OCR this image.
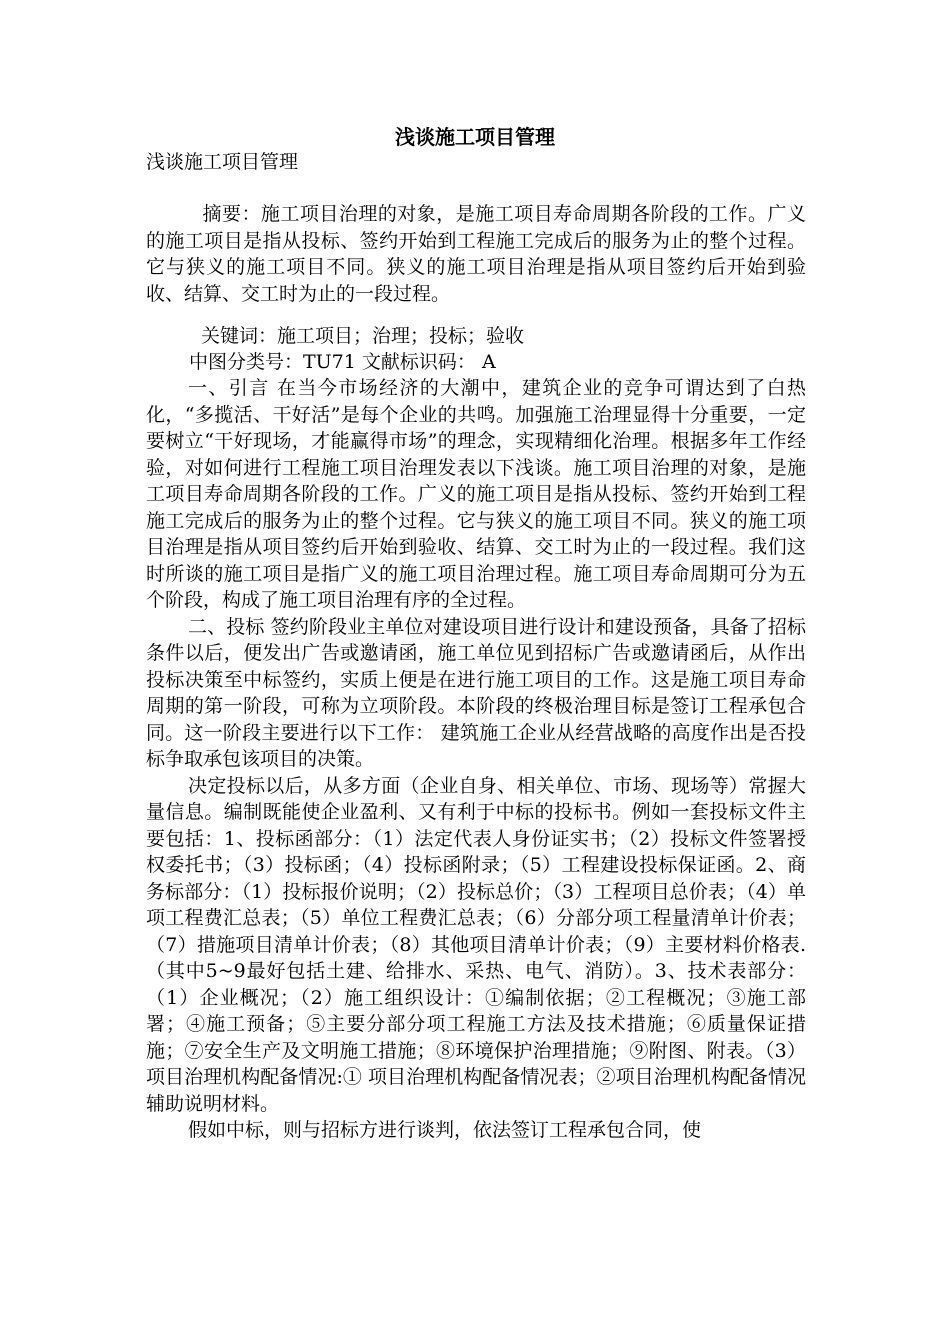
浅谈施工项目管理
浅谈施工项目管理
摘要：施工项目治理的对象，是施工项目寿命周期各阶段的工作。广义的施工项目是指从投标、签约开始到工程施工完成后的服务为止的整个过程。它与狭义的施工项目不同。狭义的施工项目治理是指从项目签约后开始到验收、结算、交工时为止的一段过程。
关键词：施工项目；治理；投标；验收
中图分类号：TU71 文献标识码： A

一、引言 在当今市场经济的大潮中，建筑企业的竞争可谓达到了白热化，“多揽活、干好活”是每个企业的共鸣。加强施工治理显得十分重要，一定要树立“干好现场，才能赢得市场”的理念，实现精细化治理。根据多年工作经验，对如何进行工程施工项目治理发表以下浅谈。施工项目治理的对象，是施工项目寿命周期各阶段的工作。广义的施工项目是指从投标、签约开始到工程施工完成后的服务为止的整个过程。它与狭义的施工项目不同。狭义的施工项目治理是指从项目签约后开始到验收、结算、交工时为止的一段过程。我们这时所谈的施工项目是指广义的施工项目治理过程。施工项目寿命周期可分为五个阶段，构成了施工项目治理有序的全过程。

二、投标 签约阶段业主单位对建设项目进行设计和建设预备，具备了招标条件以后，便发出广告或邀请函，施工单位见到招标广告或邀请函后，从作出投标决策至中标签约，实质上便是在进行施工项目的工作。这是施工项目寿命周期的第一阶段，可称为立项阶段。本阶段的终极治理目标是签订工程承包合同。这一阶段主要进行以下工作： 建筑施工企业从经营战略的高度作出是否投标争取承包该项目的决策。

决定投标以后，从多方面（企业自身、相关单位、市场、现场等）常握大量信息。编制既能使企业盈利、又有利于中标的投标书。例如一套投标文件主要包括：1、投标函部分：（1）法定代表人身份证实书；（2）投标文件签署授权委托书；（3）投标函；（4）投标函附录；（5）工程建设投标保证函。2、商务标部分：（1）投标报价说明；（2）投标总价；（3）工程项目总价表；（4）单项工程费汇总表；（5）单位工程费汇总表；（6）分部分项工程量清单计价表；（7）措施项目清单计价表；（8）其他项目清单计价表；（9）主要材料价格表.（其中5~9最好包括土建、给排水、采热、电气、消防）。3、技术表部分：（1）企业概况；（2）施工组织设计：①编制依据；②工程概况；③施工部署；④施工预备；⑤主要分部分项工程施工方法及技术措施；⑥质量保证措施；⑦安全生产及文明施工措施；⑧环境保护治理措施；⑨附图、附表。（3）项目治理机构配备情况:① 项目治理机构配备情况表；②项目治理机构配备情况辅助说明材料。

假如中标，则与招标方进行谈判，依法签订工程承包合同，使
